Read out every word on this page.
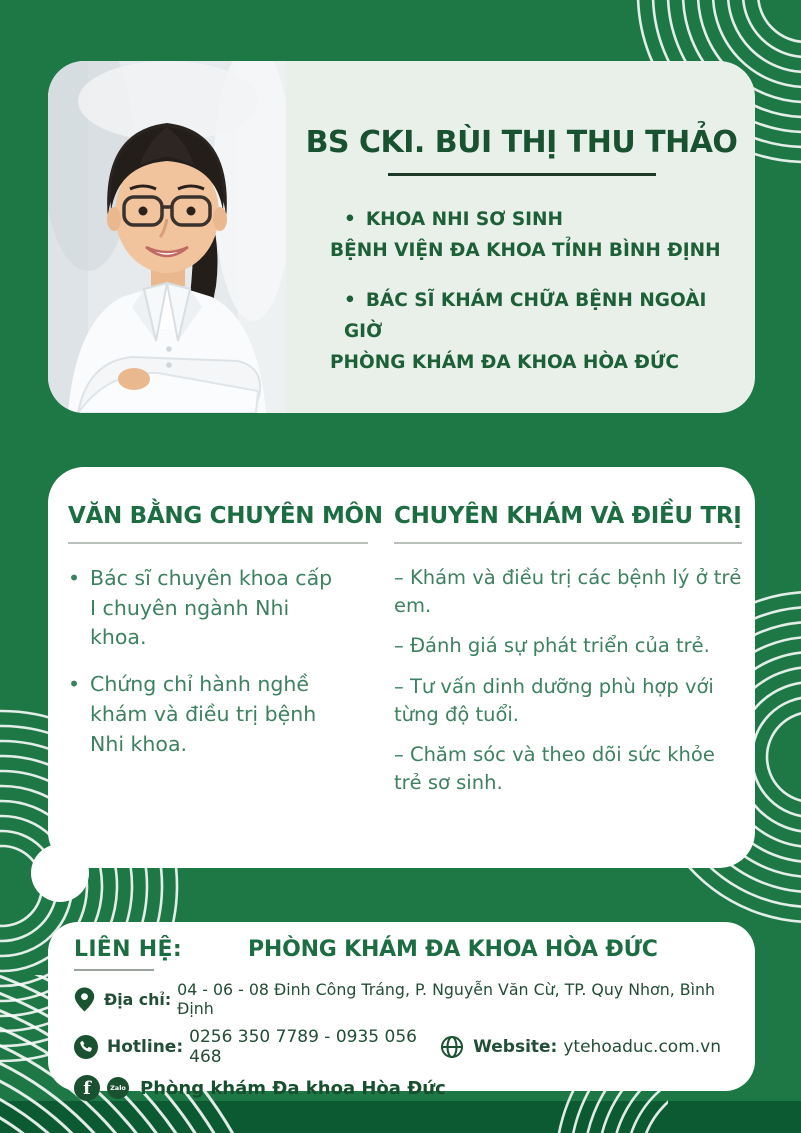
BS CKI. BÙI THỊ THU THẢO
• KHOA NHI SƠ SINH
BỆNH VIỆN ĐA KHOA TỈNH BÌNH ĐỊNH
• BÁC SĨ KHÁM CHỮA BỆNH NGOÀI GIỜ
PHÒNG KHÁM ĐA KHOA HÒA ĐỨC
VĂN BẰNG CHUYÊN MÔN
• Bác sĩ chuyên khoa cấp I chuyên ngành Nhi khoa.
• Chứng chỉ hành nghề khám và điều trị bệnh Nhi khoa.
CHUYÊN KHÁM VÀ ĐIỀU TRỊ
– Khám và điều trị các bệnh lý ở trẻ em.
– Đánh giá sự phát triển của trẻ.
– Tư vấn dinh dưỡng phù hợp với từng độ tuổi.
– Chăm sóc và theo dõi sức khỏe trẻ sơ sinh.
LIÊN HỆ:	PHÒNG KHÁM ĐA KHOA HÒA ĐỨC
Địa chỉ: 04 - 06 - 08 Đinh Công Tráng, P. Nguyễn Văn Cừ, TP. Quy Nhơn, Bình Định
Hotline: 0256 350 7789 - 0935 056 468	Website: ytehoaduc.com.vn
f	Zalo Phòng khám Đa khoa Hòa Đức
